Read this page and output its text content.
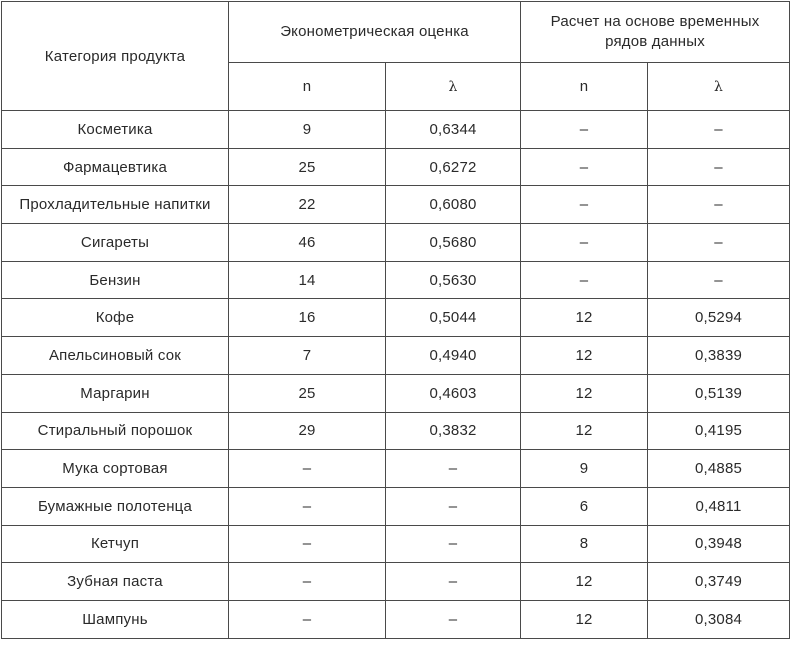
Категория продукта	Эконометрическая оценка		Расчет на основе временных рядов данных	
	n	λ	n	λ
Косметика	9	0,6344	–	–
Фармацевтика	25	0,6272	–	–
Прохладительные напитки	22	0,6080	–	–
Сигареты	46	0,5680	–	–
Бензин	14	0,5630	–	–
Кофе	16	0,5044	12	0,5294
Апельсиновый сок	7	0,4940	12	0,3839
Маргарин	25	0,4603	12	0,5139
Стиральный порошок	29	0,3832	12	0,4195
Мука сортовая	–	–	9	0,4885
Бумажные полотенца	–	–	6	0,4811
Кетчуп	–	–	8	0,3948
Зубная паста	–	–	12	0,3749
Шампунь	–	–	12	0,3084
